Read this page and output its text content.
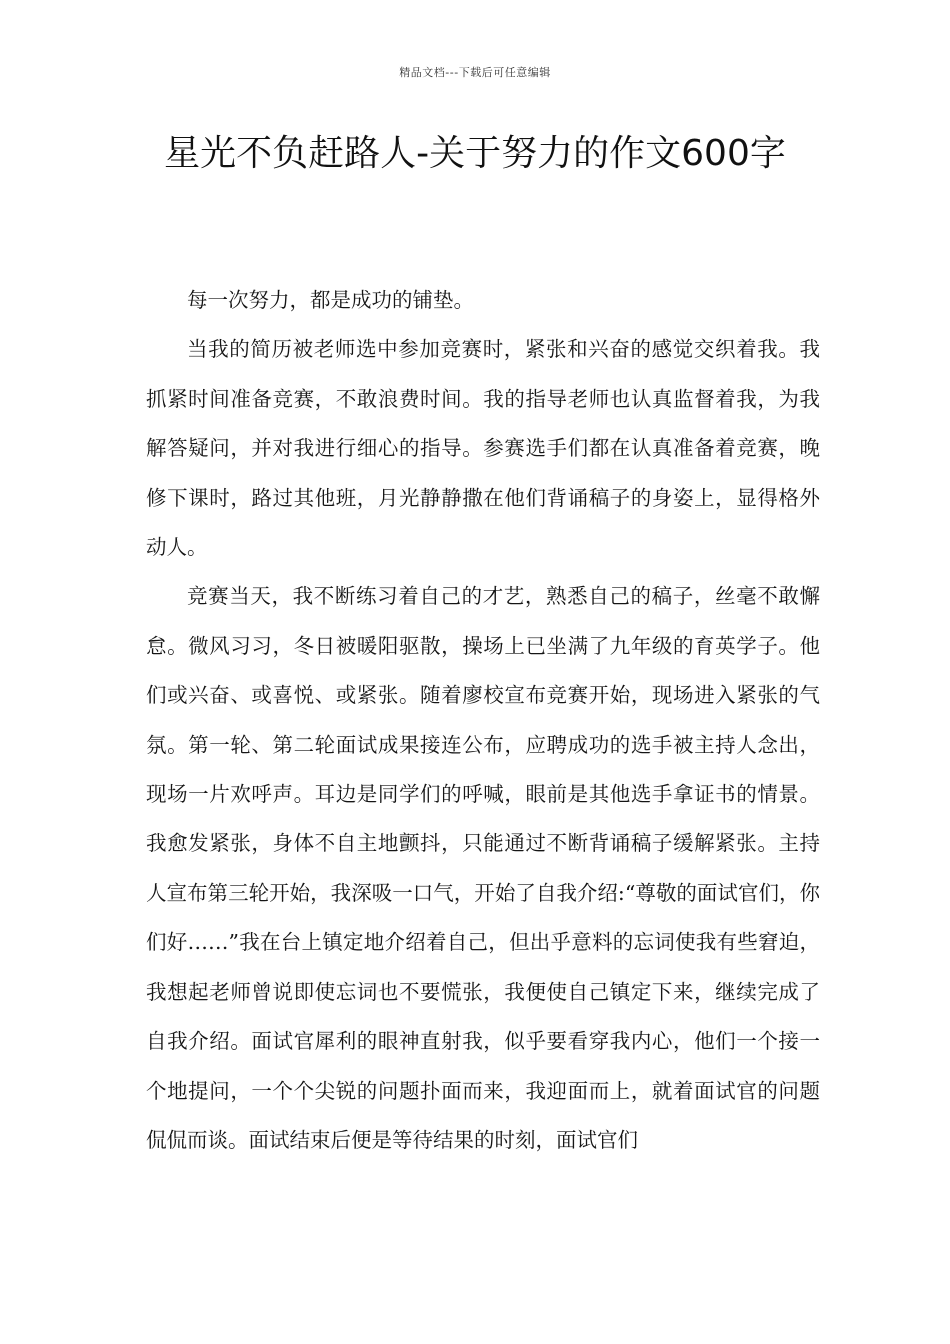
精品文档---下载后可任意编辑
星光不负赶路人-关于努力的作文600字

每一次努力，都是成功的铺垫。

当我的简历被老师选中参加竞赛时，紧张和兴奋的感觉交织着我。我抓紧时间准备竞赛，不敢浪费时间。我的指导老师也认真监督着我，为我解答疑问，并对我进行细心的指导。参赛选手们都在认真准备着竞赛，晚修下课时，路过其他班，月光静静撒在他们背诵稿子的身姿上，显得格外动人。

竞赛当天，我不断练习着自己的才艺，熟悉自己的稿子，丝毫不敢懈怠。微风习习，冬日被暖阳驱散，操场上已坐满了九年级的育英学子。他们或兴奋、或喜悦、或紧张。随着廖校宣布竞赛开始，现场进入紧张的气氛。第一轮、第二轮面试成果接连公布，应聘成功的选手被主持人念出，现场一片欢呼声。耳边是同学们的呼喊，眼前是其他选手拿证书的情景。我愈发紧张，身体不自主地颤抖，只能通过不断背诵稿子缓解紧张。主持人宣布第三轮开始，我深吸一口气，开始了自我介绍:“尊敬的面试官们，你们好……”我在台上镇定地介绍着自己，但出乎意料的忘词使我有些窘迫，我想起老师曾说即使忘词也不要慌张，我便使自己镇定下来，继续完成了自我介绍。面试官犀利的眼神直射我，似乎要看穿我内心，他们一个接一个地提问，一个个尖锐的问题扑面而来，我迎面而上，就着面试官的问题侃侃而谈。面试结束后便是等待结果的时刻，面试官们
